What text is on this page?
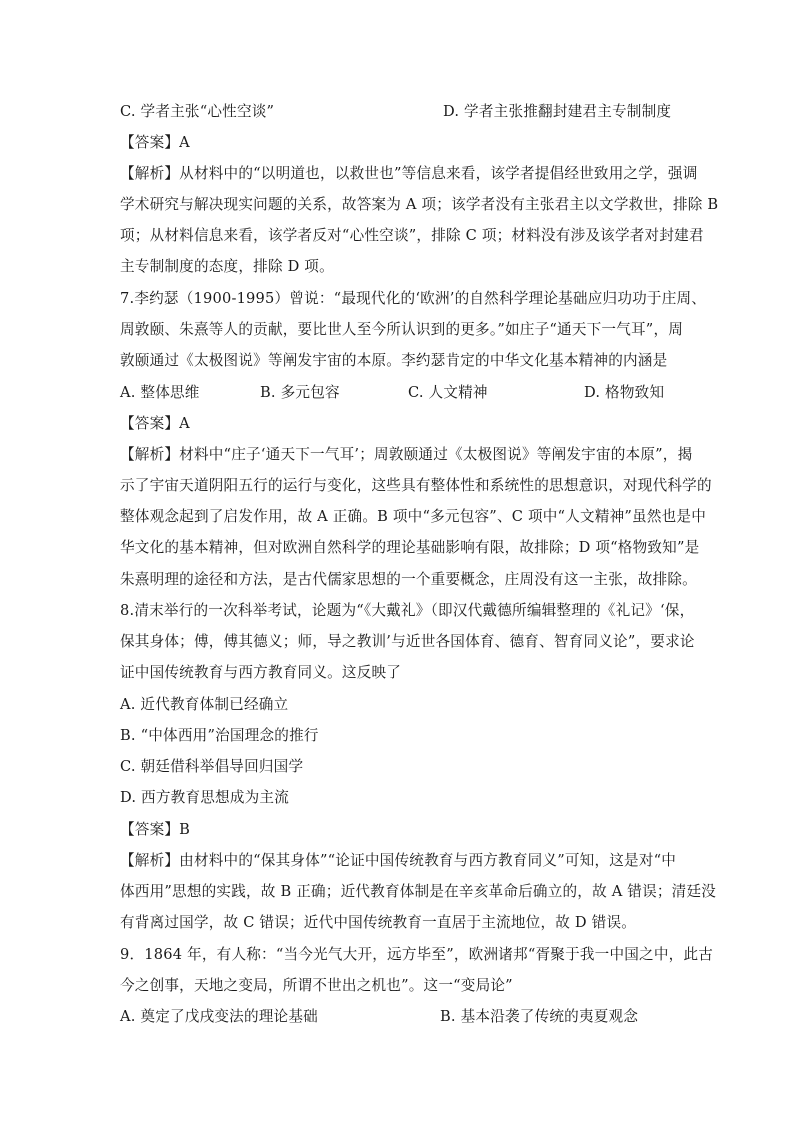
C. 学者主张“心性空谈”	D. 学者主张推翻封建君主专制制度
【答案】A
【解析】从材料中的“以明道也，以救世也”等信息来看，该学者提倡经世致用之学，强调
学术研究与解决现实问题的关系，故答案为 A 项；该学者没有主张君主以文学救世，排除 B
项；从材料信息来看，该学者反对“心性空谈”，排除 C 项；材料没有涉及该学者对封建君
主专制制度的态度，排除 D 项。
7.李约瑟（1900-1995）曾说：“最现代化的‘欧洲’的自然科学理论基础应归功功于庄周、
周敦颐、朱熹等人的贡献，要比世人至今所认识到的更多。”如庄子“通天下一气耳”，周
敦颐通过《太极图说》等阐发宇宙的本原。李约瑟肯定的中华文化基本精神的内涵是
A. 整体思维	B. 多元包容	C. 人文精神	D. 格物致知
【答案】A
【解析】材料中“庄子‘通天下一气耳’；周敦颐通过《太极图说》等阐发宇宙的本原”，揭
示了宇宙天道阴阳五行的运行与变化，这些具有整体性和系统性的思想意识，对现代科学的
整体观念起到了启发作用，故 A 正确。B 项中“多元包容”、C 项中“人文精神”虽然也是中
华文化的基本精神，但对欧洲自然科学的理论基础影响有限，故排除；D 项“格物致知”是
朱熹明理的途径和方法，是古代儒家思想的一个重要概念，庄周没有这一主张，故排除。
8.清末举行的一次科举考试，论题为“《大戴礼》（即汉代戴德所编辑整理的《礼记》‘保，
保其身体；傅，傅其德义；师，导之教训’与近世各国体育、德育、智育同义论”，要求论
证中国传统教育与西方教育同义。这反映了
A. 近代教育体制已经确立
B. “中体西用”治国理念的推行
C. 朝廷借科举倡导回归国学
D. 西方教育思想成为主流
【答案】B
【解析】由材料中的“保其身体”“论证中国传统教育与西方教育同义”可知，这是对“中
体西用”思想的实践，故 B 正确；近代教育体制是在辛亥革命后确立的，故 A 错误；清廷没
有背离过国学，故 C 错误；近代中国传统教育一直居于主流地位，故 D 错误。
9．1864 年，有人称：“当今光气大开，远方毕至”，欧洲诸邦“胥聚于我一中国之中，此古
今之创事，天地之变局，所谓不世出之机也”。这一“变局论”
A. 奠定了戊戌变法的理论基础	B. 基本沿袭了传统的夷夏观念
